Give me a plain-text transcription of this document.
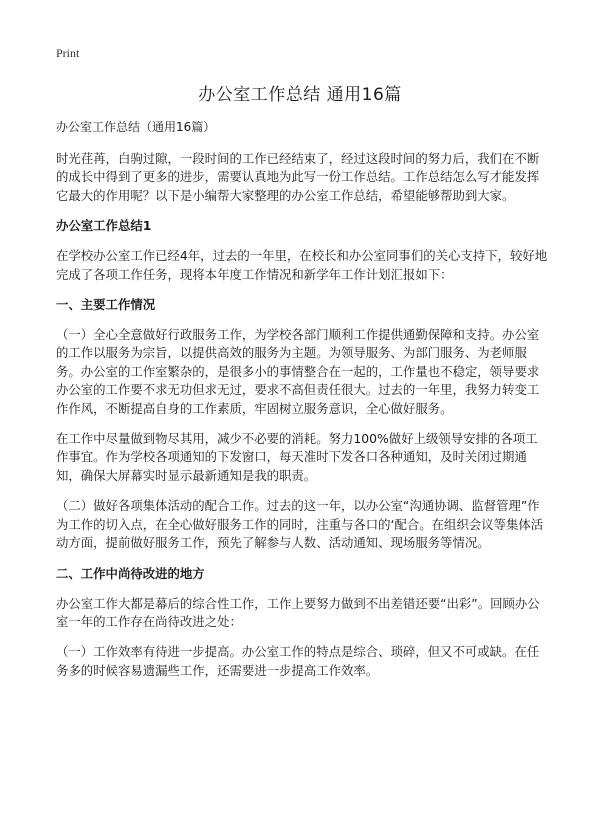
Print
办公室工作总结 通用16篇

办公室工作总结（通用16篇）

时光荏苒，白驹过隙，一段时间的工作已经结束了，经过这段时间的努力后，我们在不断的成长中得到了更多的进步，需要认真地为此写一份工作总结。工作总结怎么写才能发挥它最大的作用呢？以下是小编帮大家整理的办公室工作总结，希望能够帮助到大家。

办公室工作总结1

在学校办公室工作已经4年，过去的一年里，在校长和办公室同事们的关心支持下，较好地完成了各项工作任务，现将本年度工作情况和新学年工作计划汇报如下：

一、主要工作情况

（一）全心全意做好行政服务工作，为学校各部门顺利工作提供通勤保障和支持。办公室的工作以服务为宗旨，以提供高效的服务为主题。为领导服务、为部门服务、为老师服务。办公室的工作室繁杂的，是很多小的事情整合在一起的，工作量也不稳定，领导要求办公室的工作要不求无功但求无过，要求不高但责任很大。过去的一年里，我努力转变工作作风，不断提高自身的工作素质，牢固树立服务意识，全心做好服务。

在工作中尽量做到物尽其用，减少不必要的消耗。努力100%做好上级领导安排的各项工作事宜。作为学校各项通知的下发窗口，每天准时下发各口各种通知，及时关闭过期通知，确保大屏幕实时显示最新通知是我的职责。

（二）做好各项集体活动的配合工作。过去的这一年，以办公室“沟通协调、监督管理”作为工作的切入点，在全心做好服务工作的同时，注重与各口的‘配合。在组织会议等集体活动方面，提前做好服务工作，预先了解参与人数、活动通知、现场服务等情况。

二、工作中尚待改进的地方

办公室工作大都是幕后的综合性工作，工作上要努力做到不出差错还要“出彩”。回顾办公室一年的工作存在尚待改进之处：

（一）工作效率有待进一步提高。办公室工作的特点是综合、琐碎，但又不可或缺。在任务多的时候容易遗漏些工作，还需要进一步提高工作效率。
